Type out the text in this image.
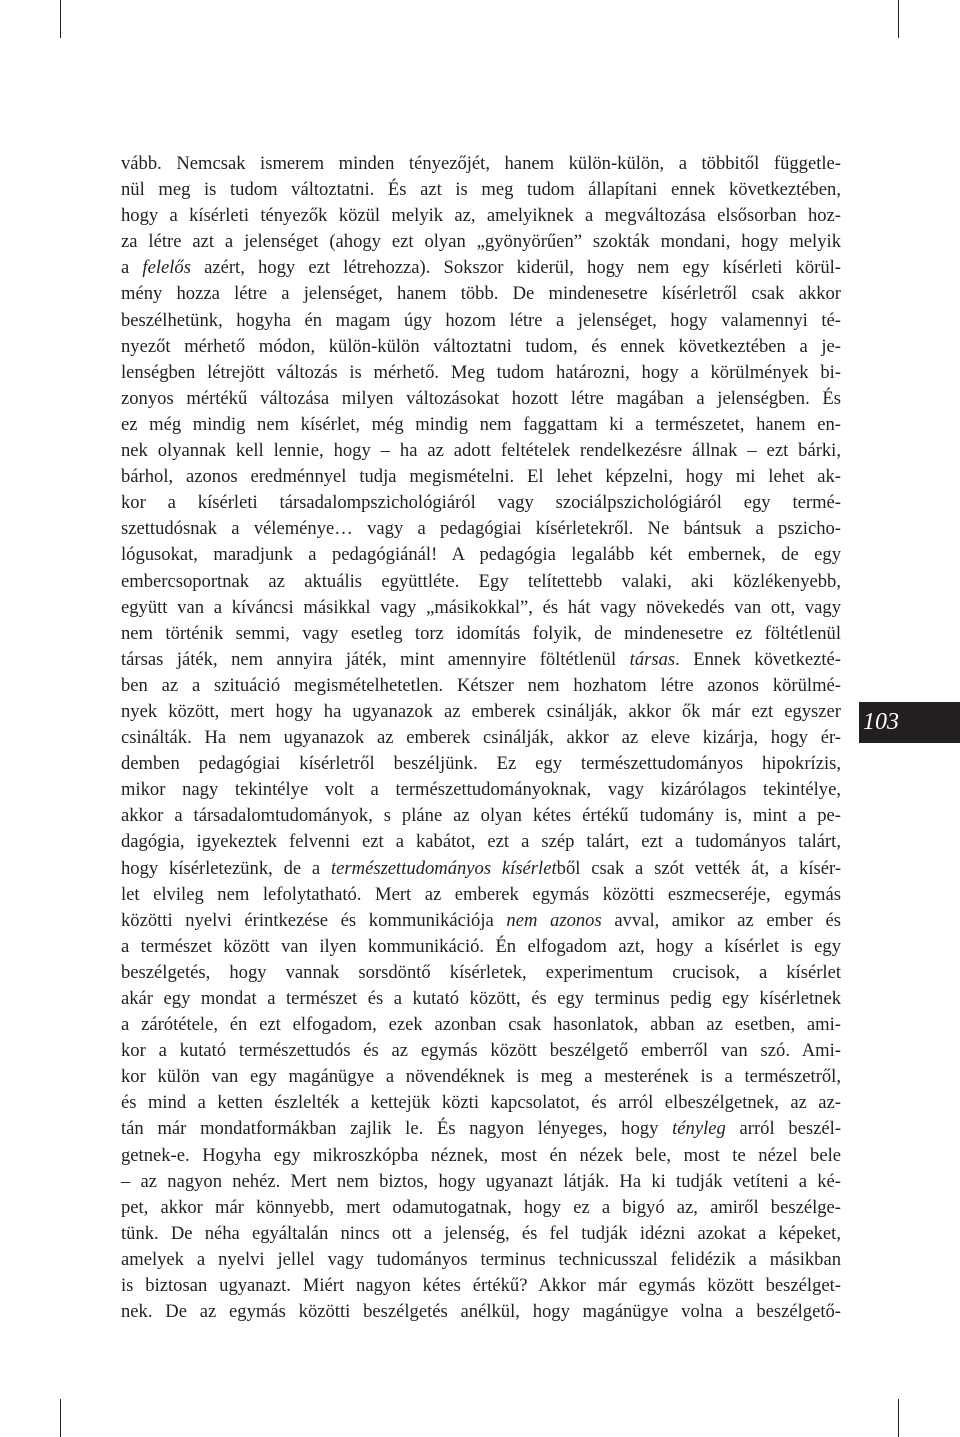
vább. Nemcsak ismerem minden tényezőjét, hanem külön-külön, a többitől függetle-
nül meg is tudom változtatni. És azt is meg tudom állapítani ennek következtében,
hogy a kísérleti tényezők közül melyik az, amelyiknek a megváltozása elsősorban hoz-
za létre azt a jelenséget (ahogy ezt olyan „gyönyörűen” szokták mondani, hogy melyik
a felelős azért, hogy ezt létrehozza). Sokszor kiderül, hogy nem egy kísérleti körül-
mény hozza létre a jelenséget, hanem több. De mindenesetre kísérletről csak akkor
beszélhetünk, hogyha én magam úgy hozom létre a jelenséget, hogy valamennyi té-
nyezőt mérhető módon, külön-külön változtatni tudom, és ennek következtében a je-
lenségben létrejött változás is mérhető. Meg tudom határozni, hogy a körülmények bi-
zonyos mértékű változása milyen változásokat hozott létre magában a jelenségben. És
ez még mindig nem kísérlet, még mindig nem faggattam ki a természetet, hanem en-
nek olyannak kell lennie, hogy – ha az adott feltételek rendelkezésre állnak – ezt bárki,
bárhol, azonos eredménnyel tudja megismételni. El lehet képzelni, hogy mi lehet ak-
kor a kísérleti társadalompszichológiáról vagy szociálpszichológiáról egy termé-
szettudósnak a véleménye… vagy a pedagógiai kísérletekről. Ne bántsuk a pszicho-
lógusokat, maradjunk a pedagógiánál! A pedagógia legalább két embernek, de egy
embercsoportnak az aktuális együttléte. Egy telítettebb valaki, aki közlékenyebb,
együtt van a kíváncsi másikkal vagy „másikokkal”, és hát vagy növekedés van ott, vagy
nem történik semmi, vagy esetleg torz idomítás folyik, de mindenesetre ez föltétlenül
társas játék, nem annyira játék, mint amennyire föltétlenül társas. Ennek következté-
ben az a szituáció megismételhetetlen. Kétszer nem hozhatom létre azonos körülmé-
nyek között, mert hogy ha ugyanazok az emberek csinálják, akkor ők már ezt egyszer
csinálták. Ha nem ugyanazok az emberek csinálják, akkor az eleve kizárja, hogy ér-
demben pedagógiai kísérletről beszéljünk. Ez egy természettudományos hipokrízis,
mikor nagy tekintélye volt a természettudományoknak, vagy kizárólagos tekintélye,
akkor a társadalomtudományok, s pláne az olyan kétes értékű tudomány is, mint a pe-
dagógia, igyekeztek felvenni ezt a kabátot, ezt a szép talárt, ezt a tudományos talárt,
hogy kísérletezünk, de a természettudományos kísérletből csak a szót vették át, a kísér-
let elvileg nem lefolytatható. Mert az emberek egymás közötti eszmecseréje, egymás
közötti nyelvi érintkezése és kommunikációja nem azonos avval, amikor az ember és
a természet között van ilyen kommunikáció. Én elfogadom azt, hogy a kísérlet is egy
beszélgetés, hogy vannak sorsdöntő kísérletek, experimentum crucisok, a kísérlet
akár egy mondat a természet és a kutató között, és egy terminus pedig egy kísérletnek
a zárótétele, én ezt elfogadom, ezek azonban csak hasonlatok, abban az esetben, ami-
kor a kutató természettudós és az egymás között beszélgető emberről van szó. Ami-
kor külön van egy magánügye a növendéknek is meg a mesterének is a természetről,
és mind a ketten észlelték a kettejük közti kapcsolatot, és arról elbeszélgetnek, az az-
tán már mondatformákban zajlik le. És nagyon lényeges, hogy tényleg arról beszél-
getnek-e. Hogyha egy mikroszkópba néznek, most én nézek bele, most te nézel bele
– az nagyon nehéz. Mert nem biztos, hogy ugyanazt látják. Ha ki tudják vetíteni a ké-
pet, akkor már könnyebb, mert odamutogatnak, hogy ez a bigyó az, amiről beszélge-
tünk. De néha egyáltalán nincs ott a jelenség, és fel tudják idézni azokat a képeket,
amelyek a nyelvi jellel vagy tudományos terminus technicusszal felidézik a másikban
is biztosan ugyanazt. Miért nagyon kétes értékű? Akkor már egymás között beszélget-
nek. De az egymás közötti beszélgetés anélkül, hogy magánügye volna a beszélgető-
103
